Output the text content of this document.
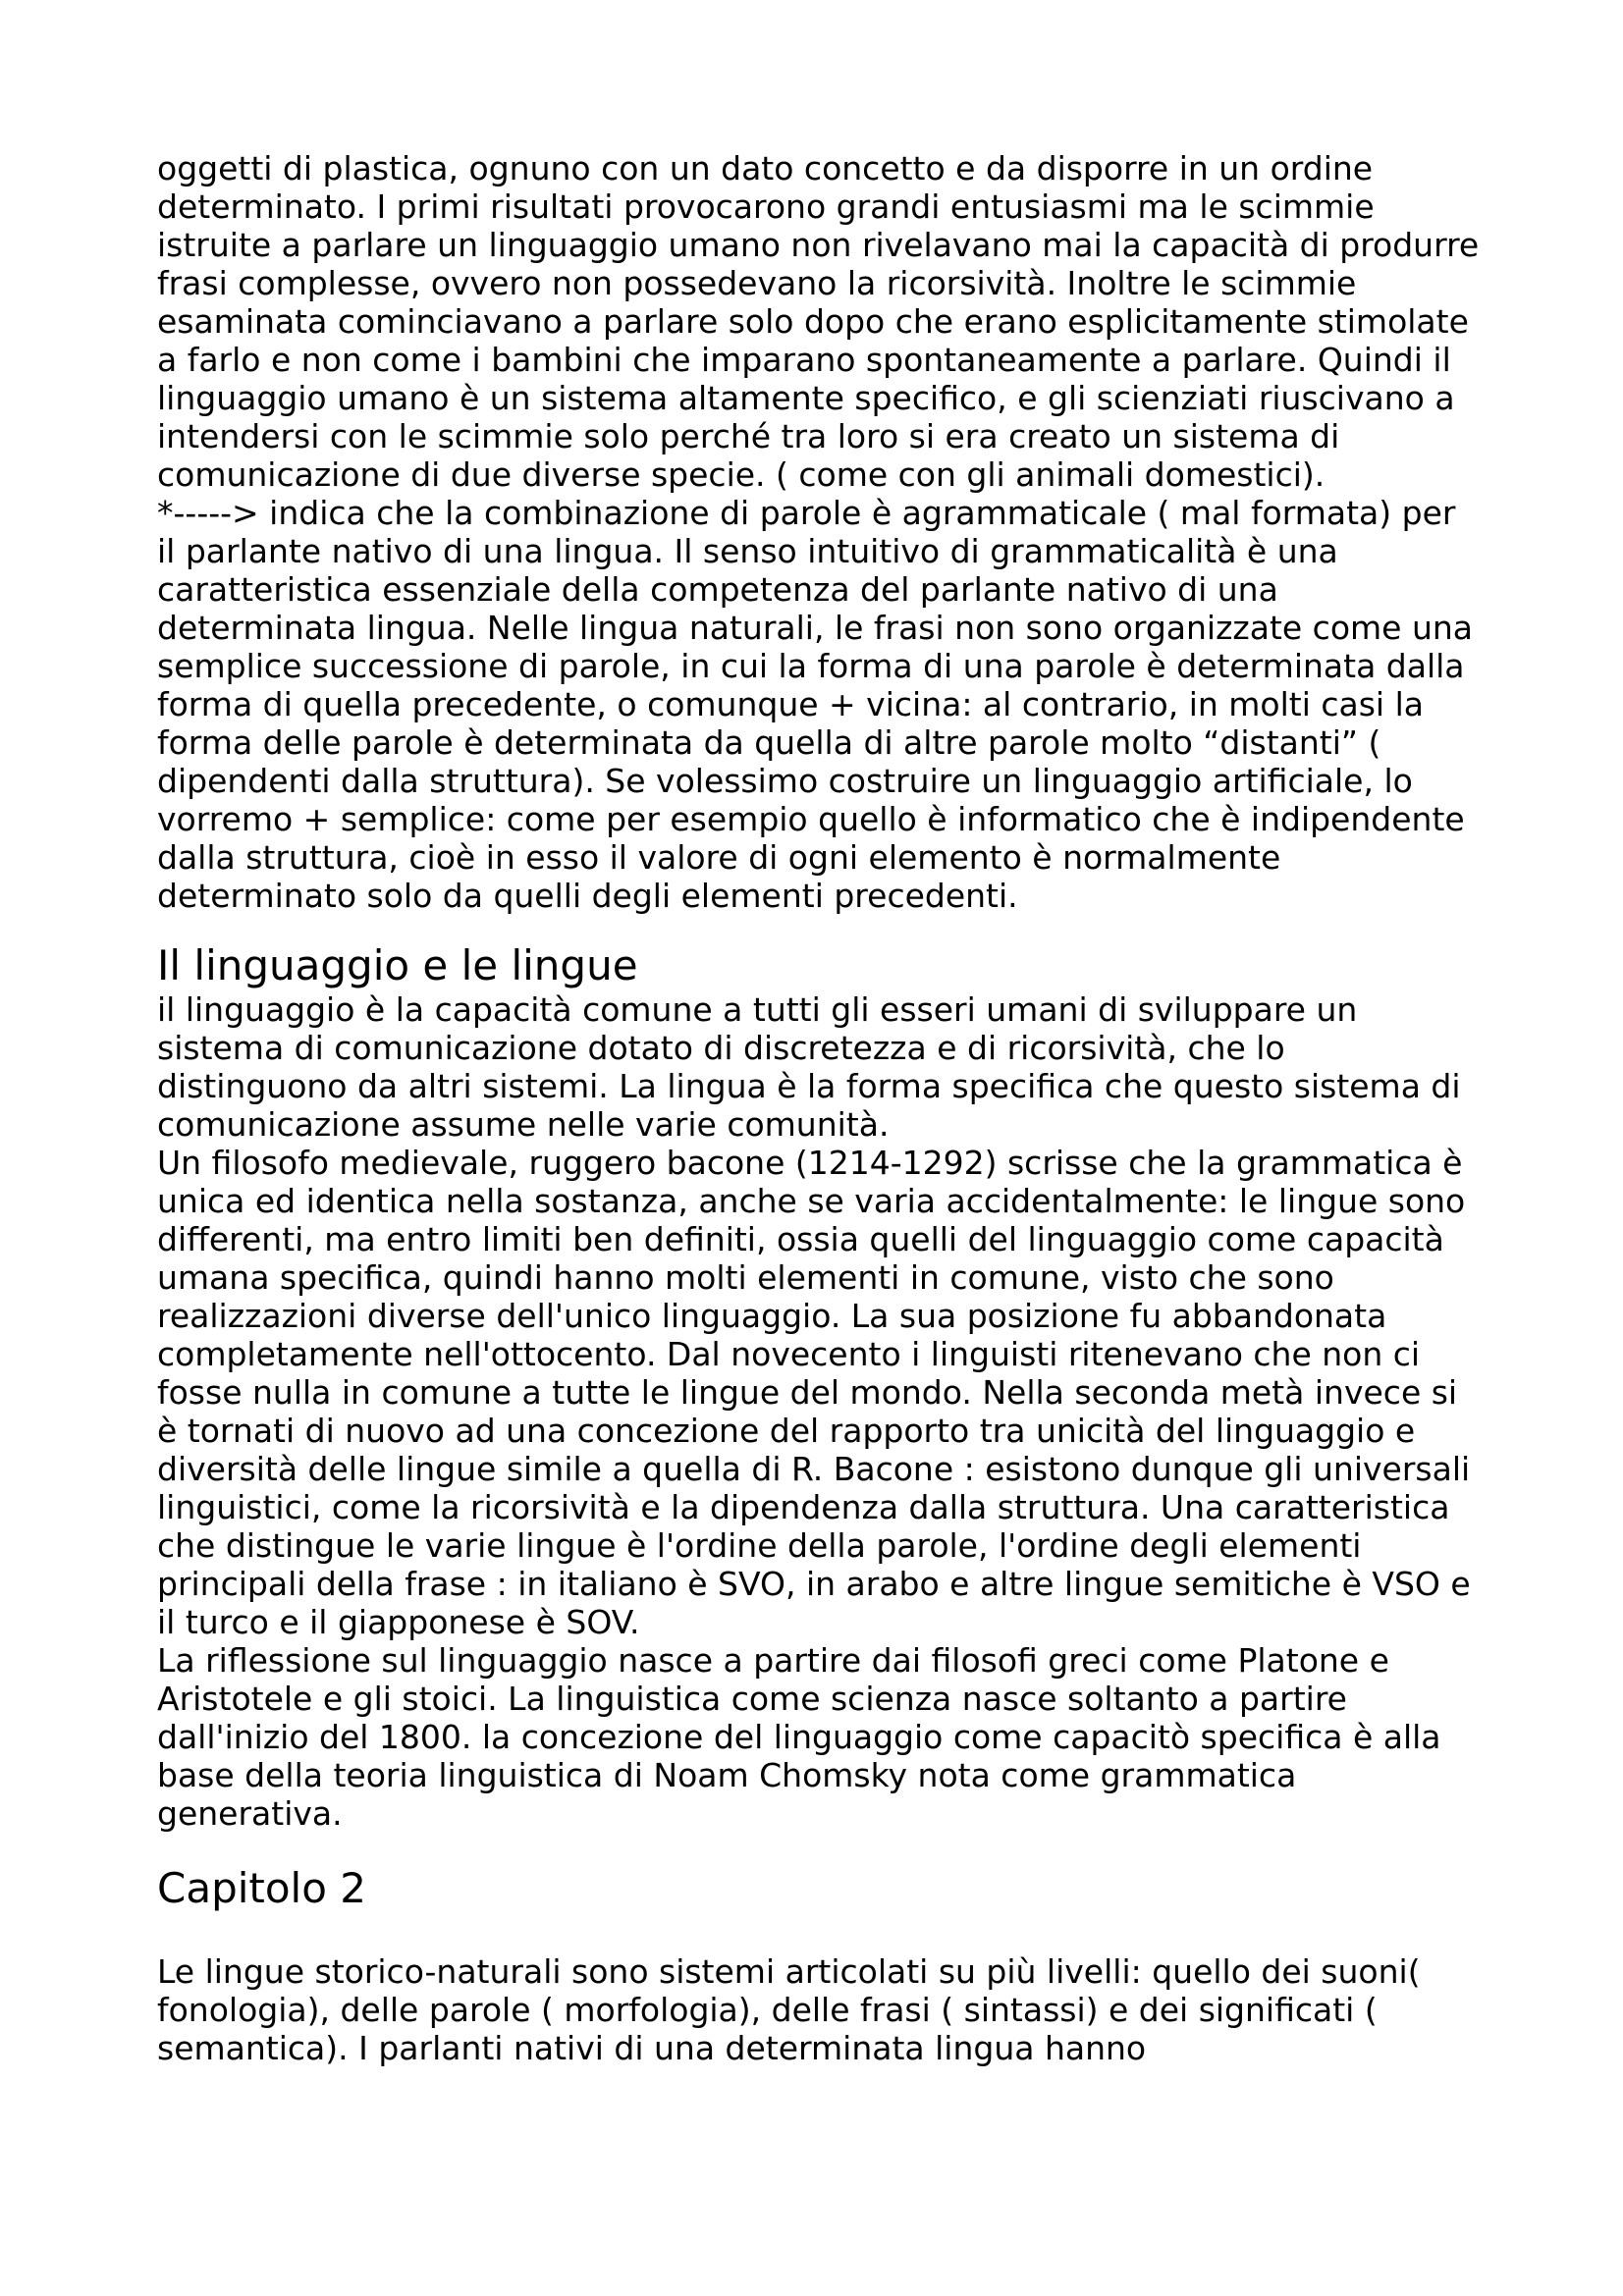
oggetti di plastica, ognuno con un dato concetto e da disporre in un ordine determinato. I primi risultati provocarono grandi entusiasmi ma le scimmie istruite a parlare un linguaggio umano non rivelavano mai la capacità di produrre frasi complesse, ovvero non possedevano la ricorsività. Inoltre le scimmie esaminata cominciavano a parlare solo dopo che erano esplicitamente stimolate a farlo e non come i bambini che imparano spontaneamente a parlare. Quindi il linguaggio umano è un sistema altamente specifico, e gli scienziati riuscivano a intendersi con le scimmie solo perché tra loro si era creato un sistema di comunicazione di due diverse specie. ( come con gli animali domestici).

*-----> indica che la combinazione di parole è agrammaticale ( mal formata) per il parlante nativo di una lingua. Il senso intuitivo di grammaticalità è una caratteristica essenziale della competenza del parlante nativo di una determinata lingua. Nelle lingua naturali, le frasi non sono organizzate come una semplice successione di parole, in cui la forma di una parole è determinata dalla forma di quella precedente, o comunque + vicina: al contrario, in molti casi la forma delle parole è determinata da quella di altre parole molto “distanti” ( dipendenti dalla struttura). Se volessimo costruire un linguaggio artificiale, lo vorremo + semplice: come per esempio quello è informatico che è indipendente dalla struttura, cioè in esso il valore di ogni elemento è normalmente determinato solo da quelli degli elementi precedenti.

Il linguaggio e le lingue

il linguaggio è la capacità comune a tutti gli esseri umani di sviluppare un sistema di comunicazione dotato di discretezza e di ricorsività, che lo distinguono da altri sistemi. La lingua è la forma specifica che questo sistema di comunicazione assume nelle varie comunità.

Un filosofo medievale, ruggero bacone (1214-1292) scrisse che la grammatica è unica ed identica nella sostanza, anche se varia accidentalmente: le lingue sono differenti, ma entro limiti ben definiti, ossia quelli del linguaggio come capacità umana specifica, quindi hanno molti elementi in comune, visto che sono realizzazioni diverse dell'unico linguaggio. La sua posizione fu abbandonata completamente nell'ottocento. Dal novecento i linguisti ritenevano che non ci fosse nulla in comune a tutte le lingue del mondo. Nella seconda metà invece si è tornati di nuovo ad una concezione del rapporto tra unicità del linguaggio e diversità delle lingue simile a quella di R. Bacone : esistono dunque gli universali linguistici, come la ricorsività e la dipendenza dalla struttura. Una caratteristica che distingue le varie lingue è l'ordine della parole, l'ordine degli elementi principali della frase : in italiano è SVO, in arabo e altre lingue semitiche è VSO e il turco e il giapponese è SOV.

La riflessione sul linguaggio nasce a partire dai filosofi greci come Platone e Aristotele e gli stoici. La linguistica come scienza nasce soltanto a partire dall'inizio del 1800. la concezione del linguaggio come capacitò specifica è alla base della teoria linguistica di Noam Chomsky nota come grammatica generativa.

Capitolo 2

Le lingue storico-naturali sono sistemi articolati su più livelli: quello dei suoni( fonologia), delle parole ( morfologia), delle frasi ( sintassi) e dei significati ( semantica). I parlanti nativi di una determinata lingua hanno
